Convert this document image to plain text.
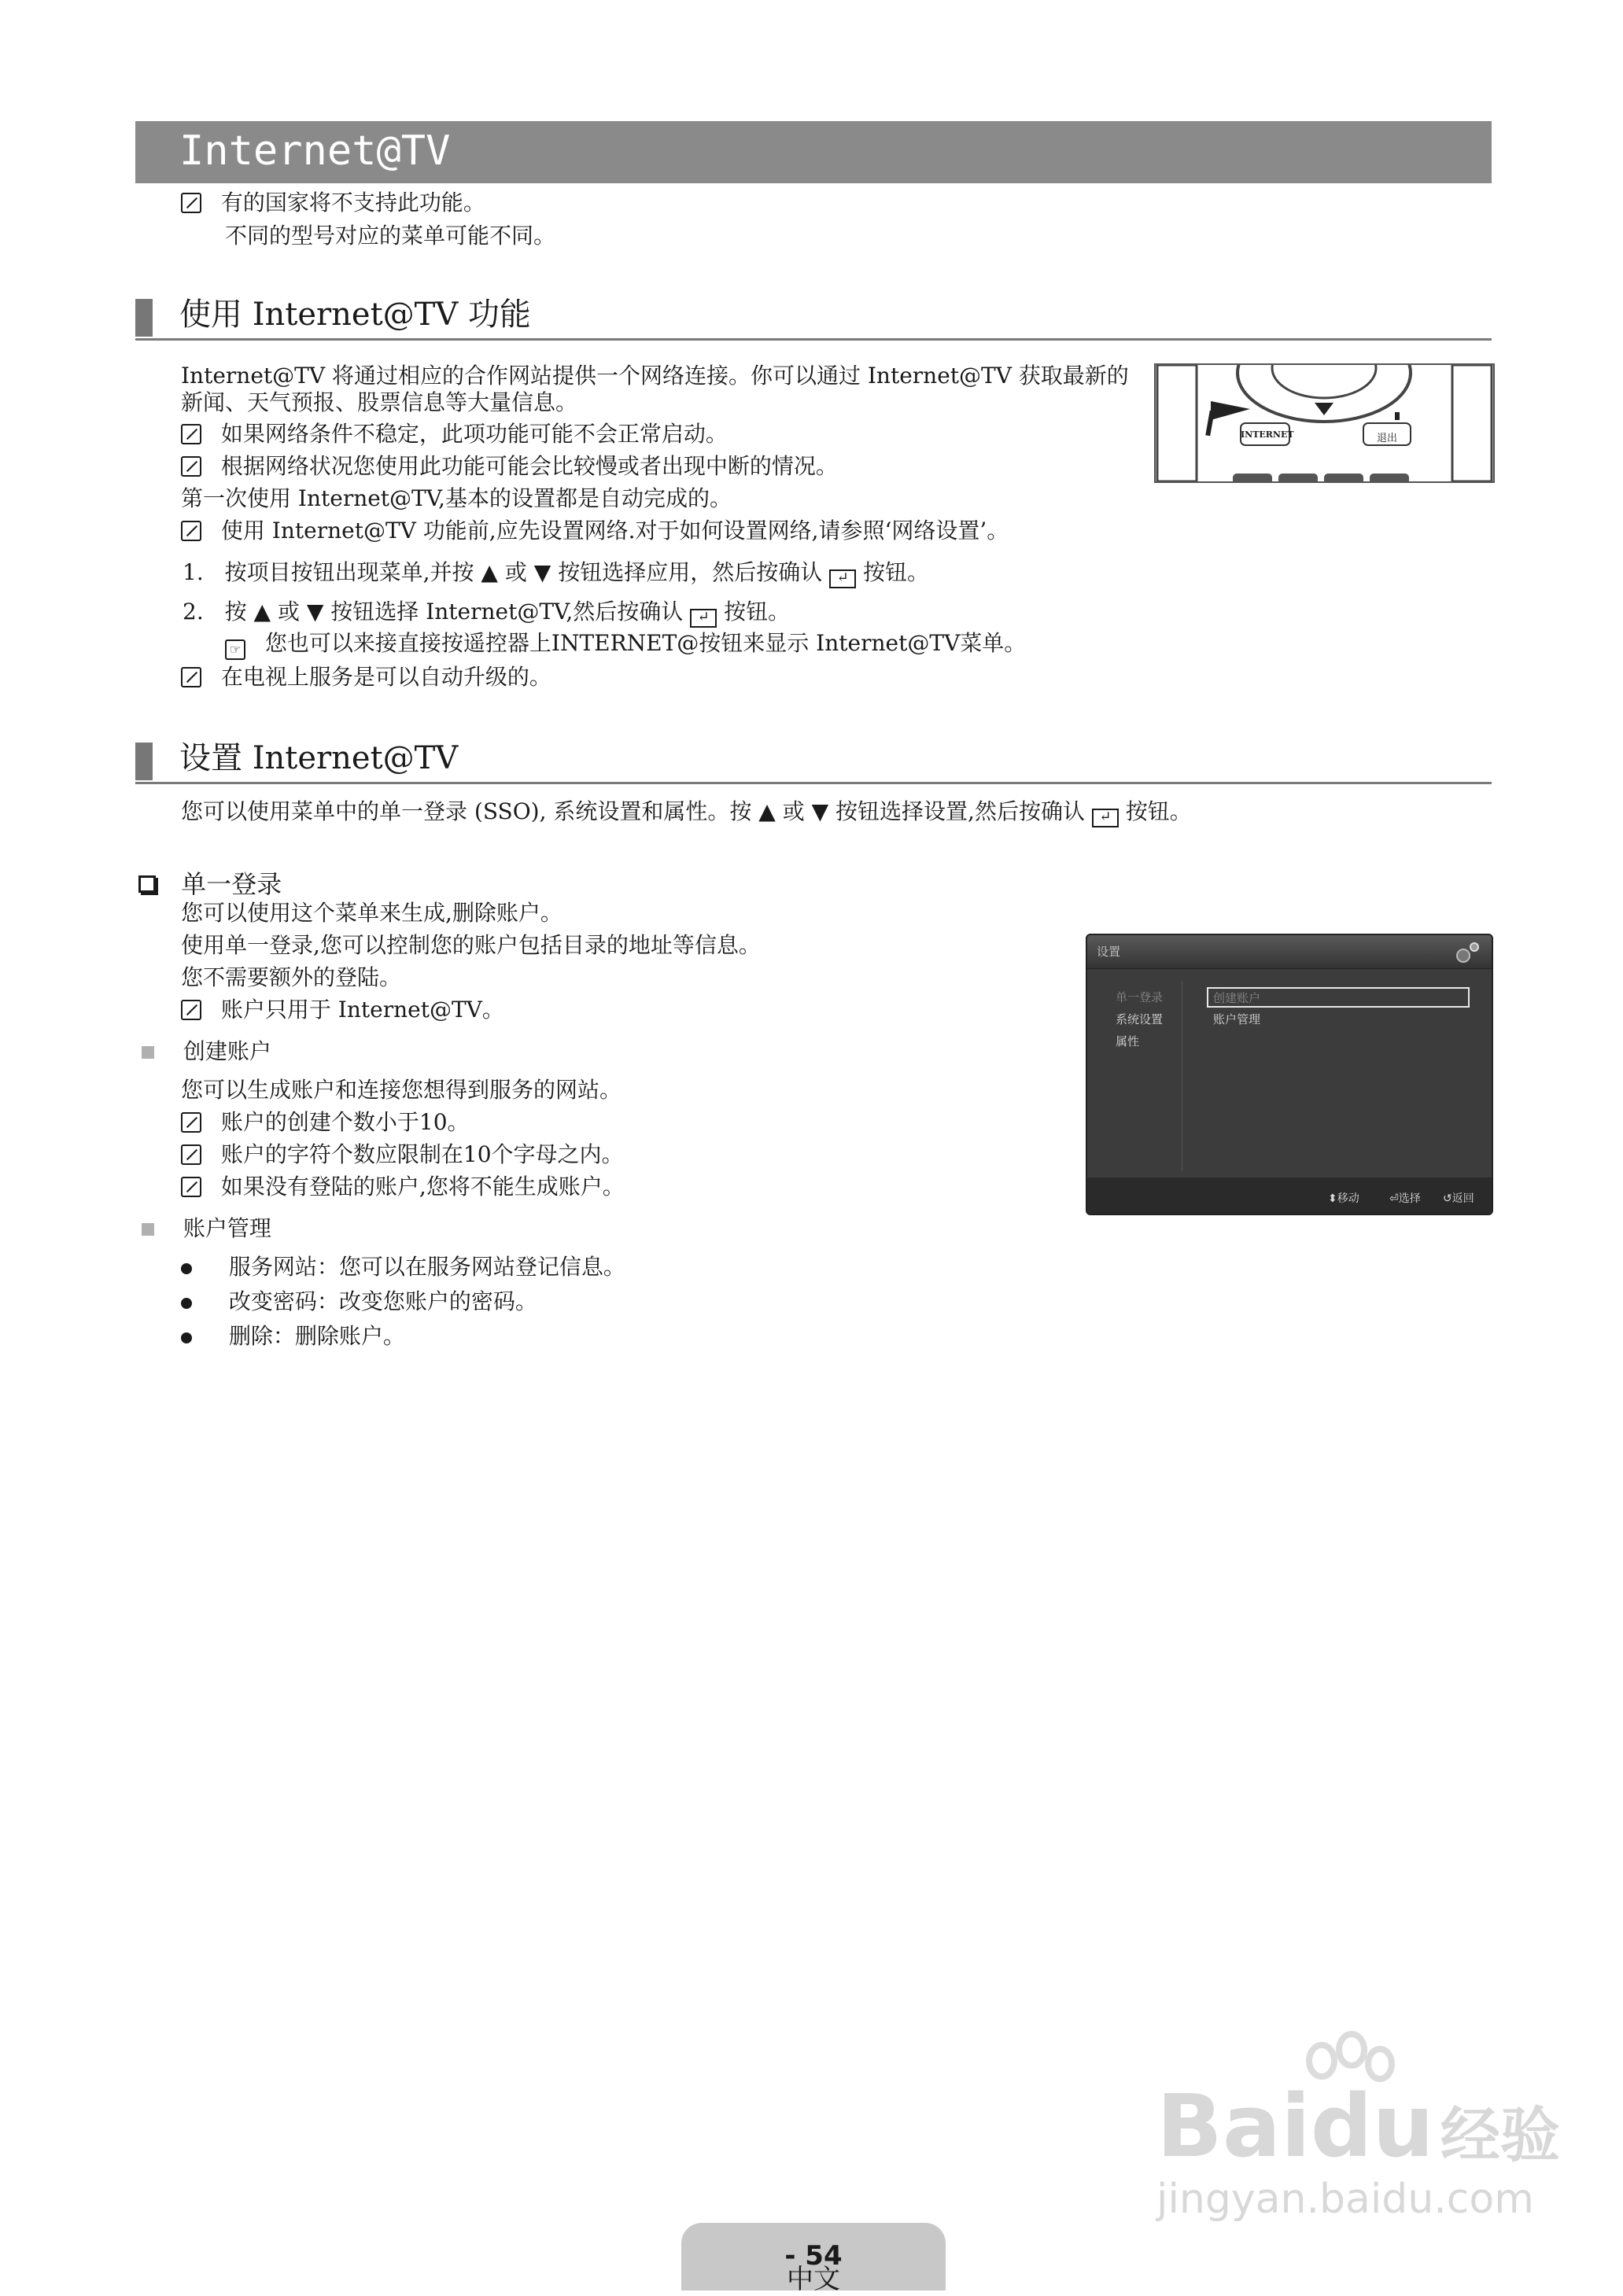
Internet@TV
有的国家将不支持此功能。
不同的型号对应的菜单可能不同。
使用 Internet@TV 功能
INTERNET	退出
Internet@TV 将通过相应的合作网站提供一个网络连接。你可以通过 Internet@TV 获取最新的
新闻、天气预报、股票信息等大量信息。
如果网络条件不稳定，此项功能可能不会正常启动。
根据网络状况您使用此功能可能会比较慢或者出现中断的情况。
第一次使用 Internet@TV,基本的设置都是自动完成的。
使用 Internet@TV 功能前,应先设置网络.对于如何设置网络,请参照‘网络设置’。
1. 按项目按钮出现菜单,并按 ▲ 或 ▼ 按钮选择应用，然后按确认 ↵ 按钮。
2. 按 ▲ 或 ▼ 按钮选择 Internet@TV,然后按确认 ↵ 按钮。
☞ 您也可以来接直接按遥控器上INTERNET@按钮来显示 Internet@TV菜单。
在电视上服务是可以自动升级的。
设置 Internet@TV
您可以使用菜单中的单一登录 (SSO), 系统设置和属性。按 ▲ 或 ▼ 按钮选择设置,然后按确认 ↵ 按钮。
单一登录
您可以使用这个菜单来生成,删除账户。
使用单一登录,您可以控制您的账户包括目录的地址等信息。
您不需要额外的登陆。
账户只用于 Internet@TV。
创建账户
您可以生成账户和连接您想得到服务的网站。
账户的创建个数小于10。
账户的字符个数应限制在10个字母之内。
如果没有登陆的账户,您将不能生成账户。
账户管理
服务网站：您可以在服务网站登记信息。
改变密码：改变您账户的密码。
删除：删除账户。
设置
单一登录
系统设置
属性
创建账户
账户管理
⬍移动	⏎选择 ↺返回
Baidu 经验
jingyan.baidu.com
中文
- 54
